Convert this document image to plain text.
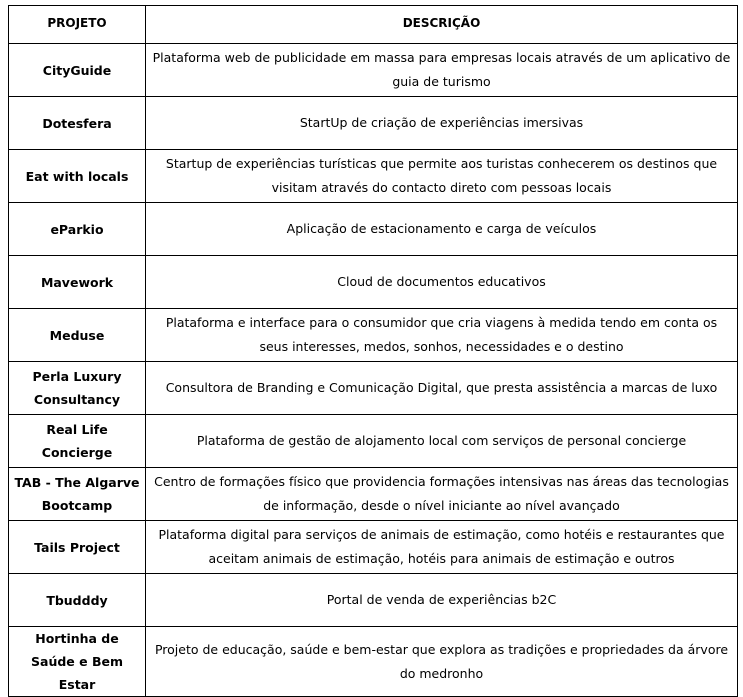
PROJETO	DESCRIÇÃO
CityGuide	Plataforma web de publicidade em massa para empresas locais através de um aplicativo de guia de turismo
Dotesfera	StartUp de criação de experiências imersivas
Eat with locals	Startup de experiências turísticas que permite aos turistas conhecerem os destinos que visitam através do contacto direto com pessoas locais
eParkio	Aplicação de estacionamento e carga de veículos
Mavework	Cloud de documentos educativos
Meduse	Plataforma e interface para o consumidor que cria viagens à medida tendo em conta os seus interesses, medos, sonhos, necessidades e o destino
Perla Luxury Consultancy	Consultora de Branding e Comunicação Digital, que presta assistência a marcas de luxo
Real Life Concierge	Plataforma de gestão de alojamento local com serviços de personal concierge
TAB - The Algarve Bootcamp	Centro de formações físico que providencia formações intensivas nas áreas das tecnologias de informação, desde o nível iniciante ao nível avançado
Tails Project	Plataforma digital para serviços de animais de estimação, como hotéis e restaurantes que aceitam animais de estimação, hotéis para animais de estimação e outros
Tbudddy	Portal de venda de experiências b2C
Hortinha de Saúde e Bem Estar	Projeto de educação, saúde e bem-estar que explora as tradições e propriedades da árvore do medronho
